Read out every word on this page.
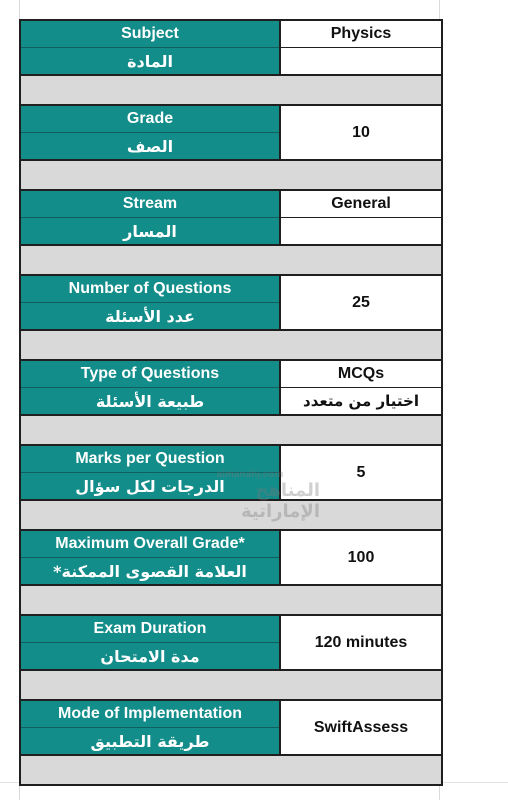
Subject
المادة
Physics
Grade
الصف
10
Stream
المسار
General
Number of Questions
عدد الأسئلة
25
Type of Questions
طبيعة الأسئلة
MCQs
اختيار من متعدد
Marks per Question
الدرجات لكل سؤال
5
Maximum Overall Grade*
العلامة القصوى الممكنة*
100
Exam Duration
مدة الامتحان
120 minutes
Mode of Implementation
طريقة التطبيق
SwiftAssess
almanahj.com
المناهج الإماراتية
